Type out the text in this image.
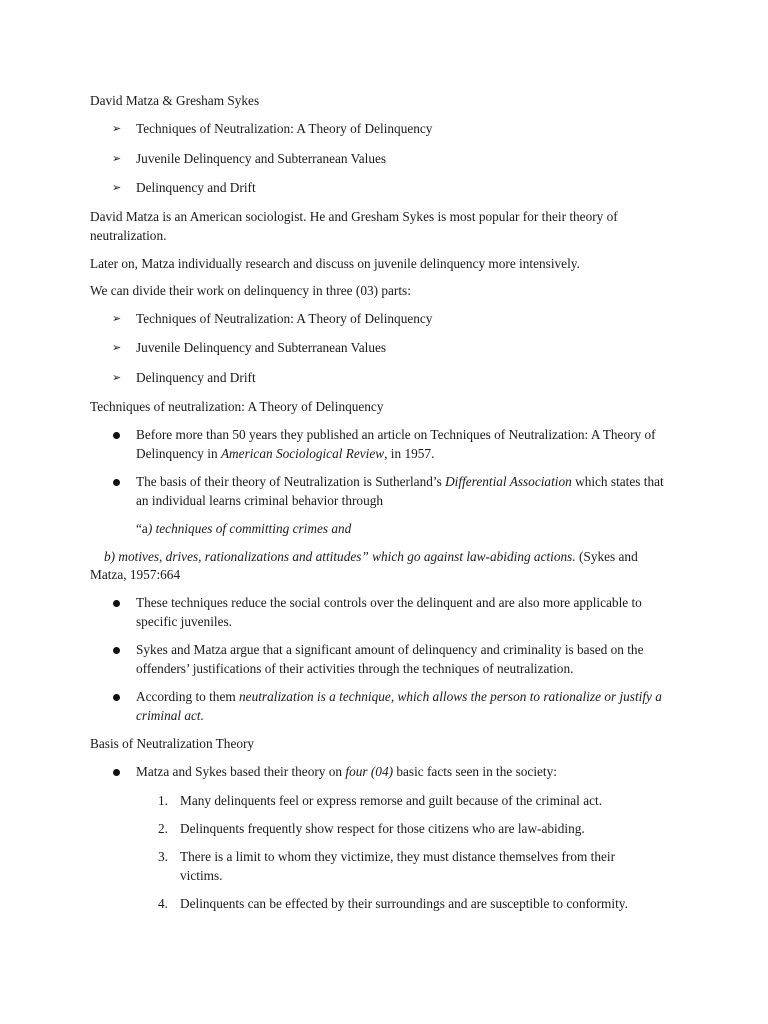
David Matza & Gresham Sykes
➢ Techniques of Neutralization: A Theory of Delinquency
➢ Juvenile Delinquency and Subterranean Values
➢ Delinquency and Drift
David Matza is an American sociologist. He and Gresham Sykes is most popular for their theory of neutralization.
Later on, Matza individually research and discuss on juvenile delinquency more intensively.
We can divide their work on delinquency in three (03) parts:
➢ Techniques of Neutralization: A Theory of Delinquency
➢ Juvenile Delinquency and Subterranean Values
➢ Delinquency and Drift
Techniques of neutralization: A Theory of Delinquency
Before more than 50 years they published an article on Techniques of Neutralization: A Theory of Delinquency in American Sociological Review, in 1957.
The basis of their theory of Neutralization is Sutherland’s Differential Association which states that an individual learns criminal behavior through
“a) techniques of committing crimes and
b) motives, drives, rationalizations and attitudes” which go against law-abiding actions. (Sykes and
Matza, 1957:664
These techniques reduce the social controls over the delinquent and are also more applicable to specific juveniles.
Sykes and Matza argue that a significant amount of delinquency and criminality is based on the offenders’ justifications of their activities through the techniques of neutralization.
According to them neutralization is a technique, which allows the person to rationalize or justify a criminal act.
Basis of Neutralization Theory
Matza and Sykes based their theory on four (04) basic facts seen in the society:
1. Many delinquents feel or express remorse and guilt because of the criminal act.
2. Delinquents frequently show respect for those citizens who are law-abiding.
3. There is a limit to whom they victimize, they must distance themselves from their victims.
4. Delinquents can be effected by their surroundings and are susceptible to conformity.
